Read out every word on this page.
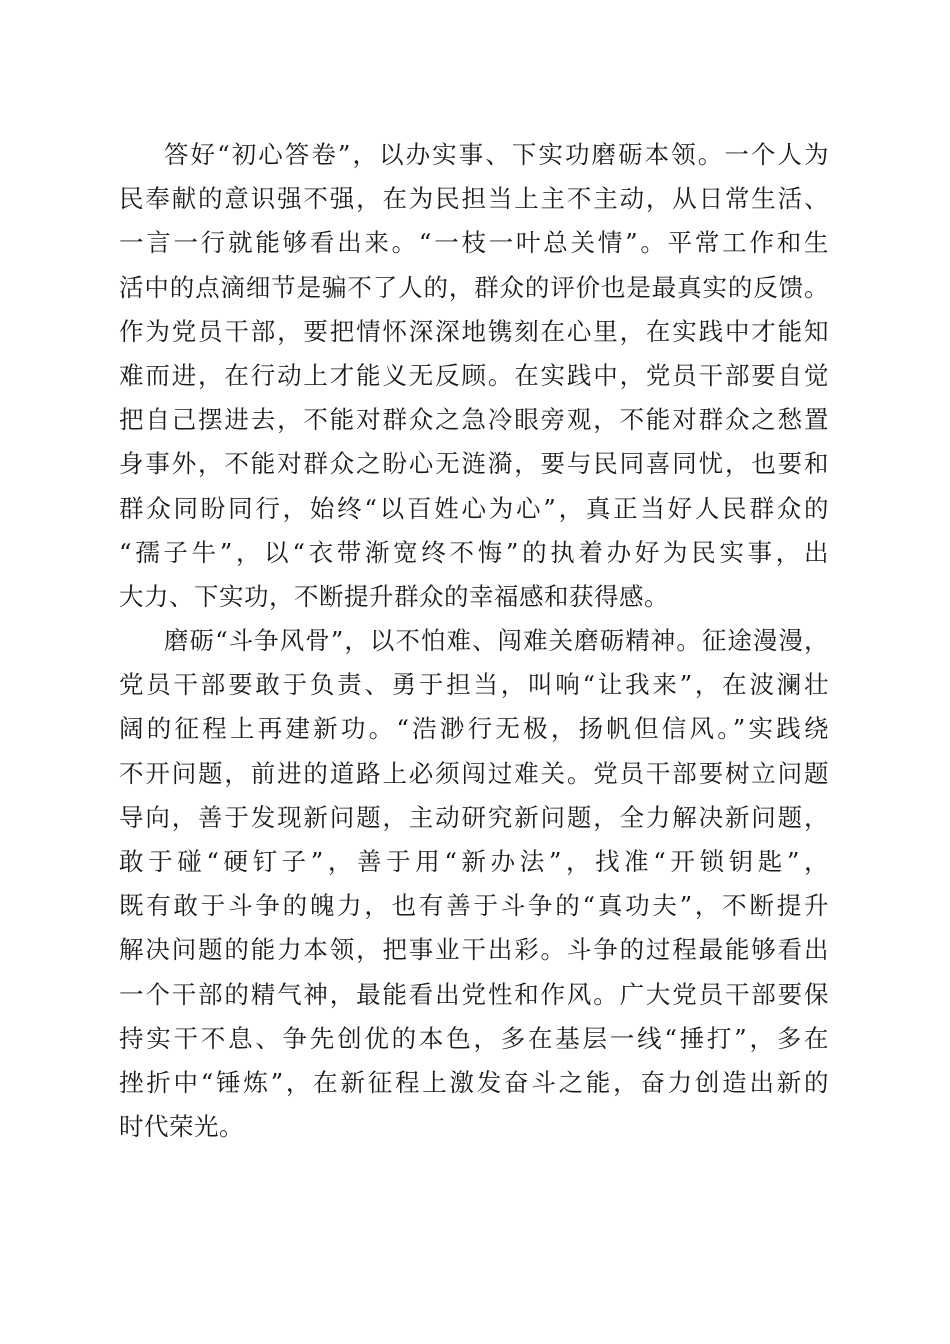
答好“初心答卷”，以办实事、下实功磨砺本领。一个人为
民奉献的意识强不强，在为民担当上主不主动，从日常生活、
一言一行就能够看出来。“一枝一叶总关情”。平常工作和生
活中的点滴细节是骗不了人的，群众的评价也是最真实的反馈。
作为党员干部，要把情怀深深地镌刻在心里，在实践中才能知
难而进，在行动上才能义无反顾。在实践中，党员干部要自觉
把自己摆进去，不能对群众之急冷眼旁观，不能对群众之愁置
身事外，不能对群众之盼心无涟漪，要与民同喜同忧，也要和
群众同盼同行，始终“以百姓心为心”，真正当好人民群众的
“孺子牛”，以“衣带渐宽终不悔”的执着办好为民实事，出
大力、下实功，不断提升群众的幸福感和获得感。
磨砺“斗争风骨”，以不怕难、闯难关磨砺精神。征途漫漫，
党员干部要敢于负责、勇于担当，叫响“让我来”，在波澜壮
阔的征程上再建新功。“浩渺行无极，扬帆但信风。”实践绕
不开问题，前进的道路上必须闯过难关。党员干部要树立问题
导向，善于发现新问题，主动研究新问题，全力解决新问题，
敢于碰“硬钉子”，善于用“新办法”，找准“开锁钥匙”，
既有敢于斗争的魄力，也有善于斗争的“真功夫”，不断提升
解决问题的能力本领，把事业干出彩。斗争的过程最能够看出
一个干部的精气神，最能看出党性和作风。广大党员干部要保
持实干不息、争先创优的本色，多在基层一线“捶打”，多在
挫折中“锤炼”，在新征程上激发奋斗之能，奋力创造出新的
时代荣光。
